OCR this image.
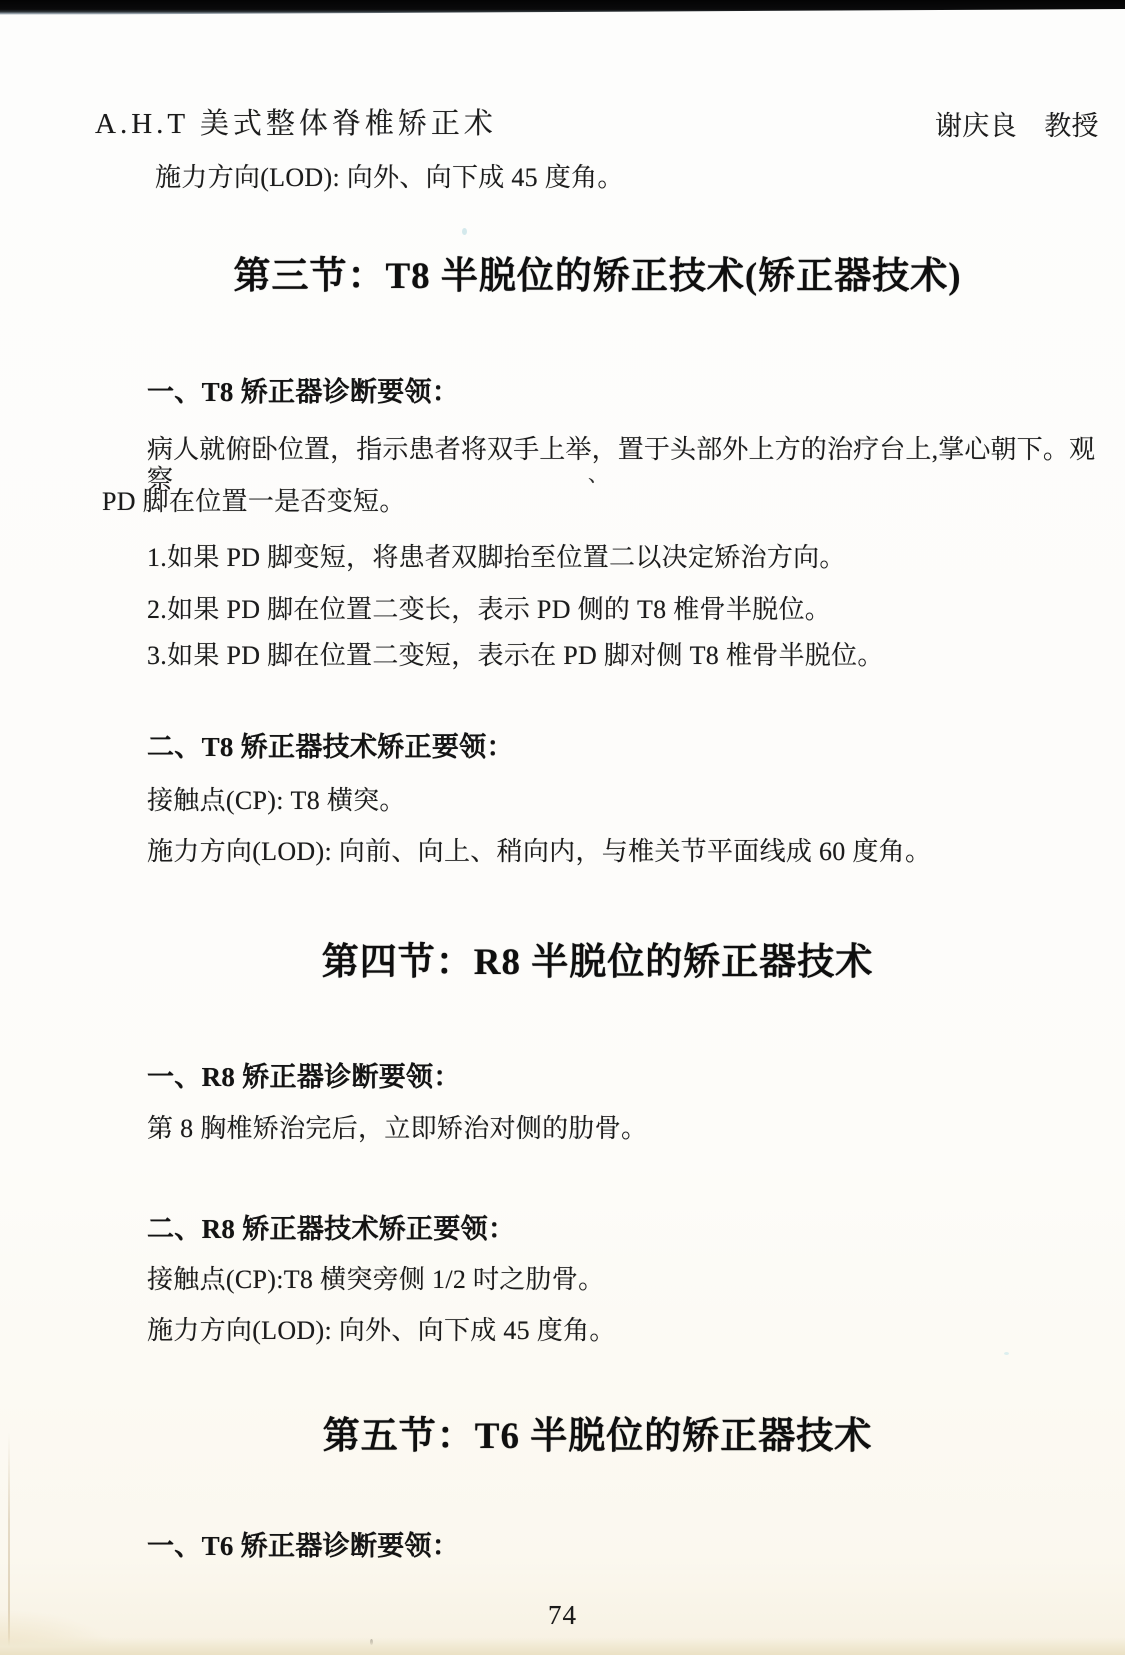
A.H.T 美式整体脊椎矫正术	谢庆良　教授
施力方向(LOD): 向外、向下成 45 度角。
第三节：T8 半脱位的矫正技术(矫正器技术)
一、T8 矫正器诊断要领：
病人就俯卧位置，指示患者将双手上举，置于头部外上方的治疗台上,掌心朝下。观察	、
PD 脚在位置一是否变短。
1.如果 PD 脚变短，将患者双脚抬至位置二以决定矫治方向。
2.如果 PD 脚在位置二变长，表示 PD 侧的 T8 椎骨半脱位。
3.如果 PD 脚在位置二变短，表示在 PD 脚对侧 T8 椎骨半脱位。
二、T8 矫正器技术矫正要领：
接触点(CP): T8 横突。
施力方向(LOD): 向前、向上、稍向内，与椎关节平面线成 60 度角。
第四节：R8 半脱位的矫正器技术
一、R8 矫正器诊断要领：
第 8 胸椎矫治完后，立即矫治对侧的肋骨。
二、R8 矫正器技术矫正要领：
接触点(CP):T8 横突旁侧 1/2 吋之肋骨。
施力方向(LOD): 向外、向下成 45 度角。
第五节：T6 半脱位的矫正器技术
一、T6 矫正器诊断要领：
74
